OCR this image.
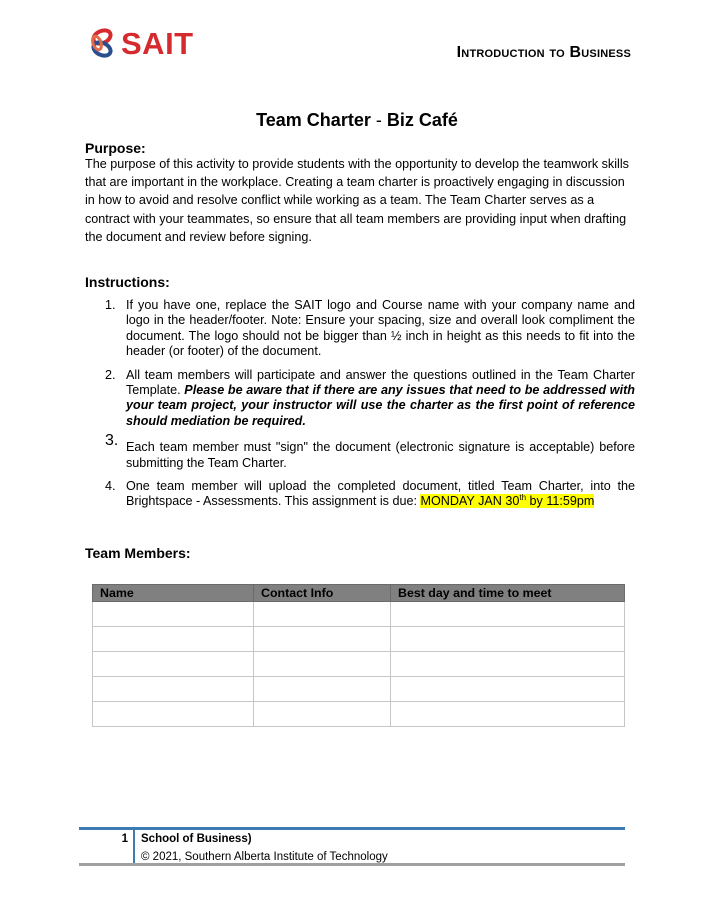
SAIT	Introduction to Business
Team Charter - Biz Café
Purpose:
The purpose of this activity to provide students with the opportunity to develop the teamwork skills that are important in the workplace. Creating a team charter is proactively engaging in discussion in how to avoid and resolve conflict while working as a team. The Team Charter serves as a contract with your teammates, so ensure that all team members are providing input when drafting the document and review before signing.
Instructions:
1. If you have one, replace the SAIT logo and Course name with your company name and logo in the header/footer. Note: Ensure your spacing, size and overall look compliment the document. The logo should not be bigger than ½ inch in height as this needs to fit into the header (or footer) of the document.
2. All team members will participate and answer the questions outlined in the Team Charter Template. Please be aware that if there are any issues that need to be addressed with your team project, your instructor will use the charter as the first point of reference should mediation be required.
3. Each team member must "sign" the document (electronic signature is acceptable) before submitting the Team Charter.
4. One team member will upload the completed document, titled Team Charter, into the Brightspace - Assessments. This assignment is due: MONDAY JAN 30th by 11:59pm
Team Members:
Name	Contact Info	Best day and time to meet

1 School of Business)
© 2021, Southern Alberta Institute of Technology
